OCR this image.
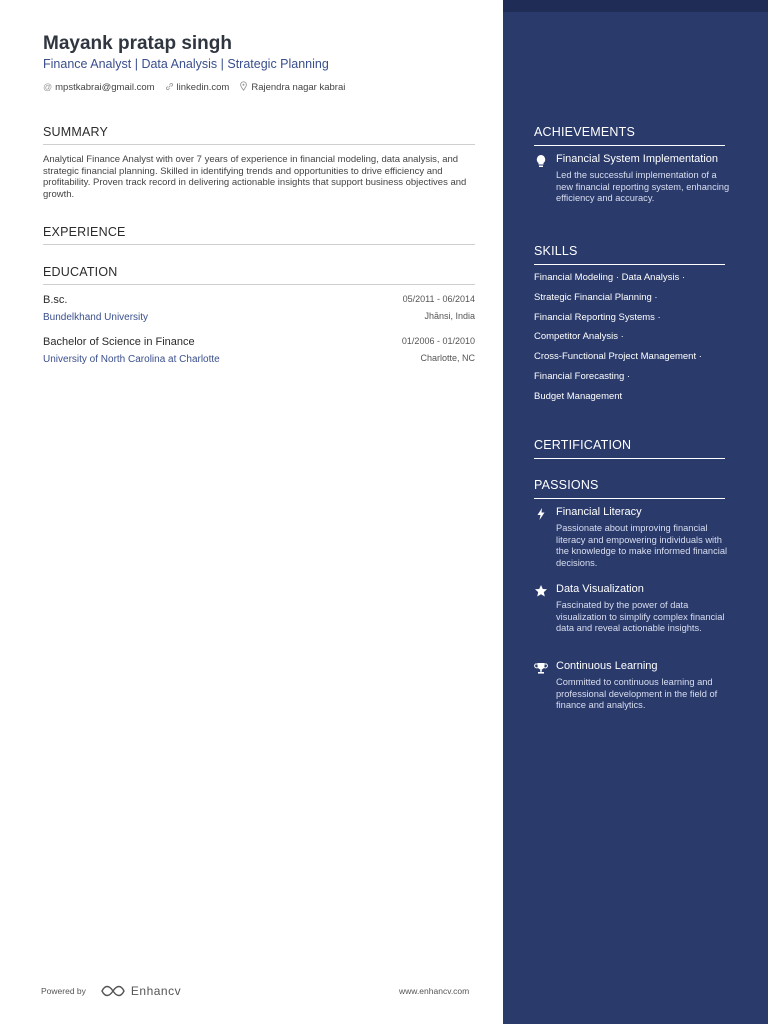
Mayank pratap singh
Finance Analyst | Data Analysis | Strategic Planning
@ mpstkabrai@gmail.com linkedin.com Rajendra nagar kabrai
SUMMARY
Analytical Finance Analyst with over 7 years of experience in financial modeling, data analysis, and strategic financial planning. Skilled in identifying trends and opportunities to drive efficiency and profitability. Proven track record in delivering actionable insights that support business objectives and growth.
EXPERIENCE
EDUCATION
B.sc.	05/2011 - 06/2014
Bundelkhand University	Jhānsi, India
Bachelor of Science in Finance	01/2006 - 01/2010
University of North Carolina at Charlotte	Charlotte, NC
Powered by	Enhancv	www.enhancv.com
ACHIEVEMENTS
Financial System Implementation
Led the successful implementation of a new financial reporting system, enhancing efficiency and accuracy.
SKILLS
Financial Modeling · Data Analysis ·
Strategic Financial Planning ·
Financial Reporting Systems ·
Competitor Analysis ·
Cross-Functional Project Management ·
Financial Forecasting ·
Budget Management
CERTIFICATION
PASSIONS
Financial Literacy
Passionate about improving financial literacy and empowering individuals with the knowledge to make informed financial decisions.
Data Visualization
Fascinated by the power of data visualization to simplify complex financial data and reveal actionable insights.
Continuous Learning
Committed to continuous learning and professional development in the field of finance and analytics.
